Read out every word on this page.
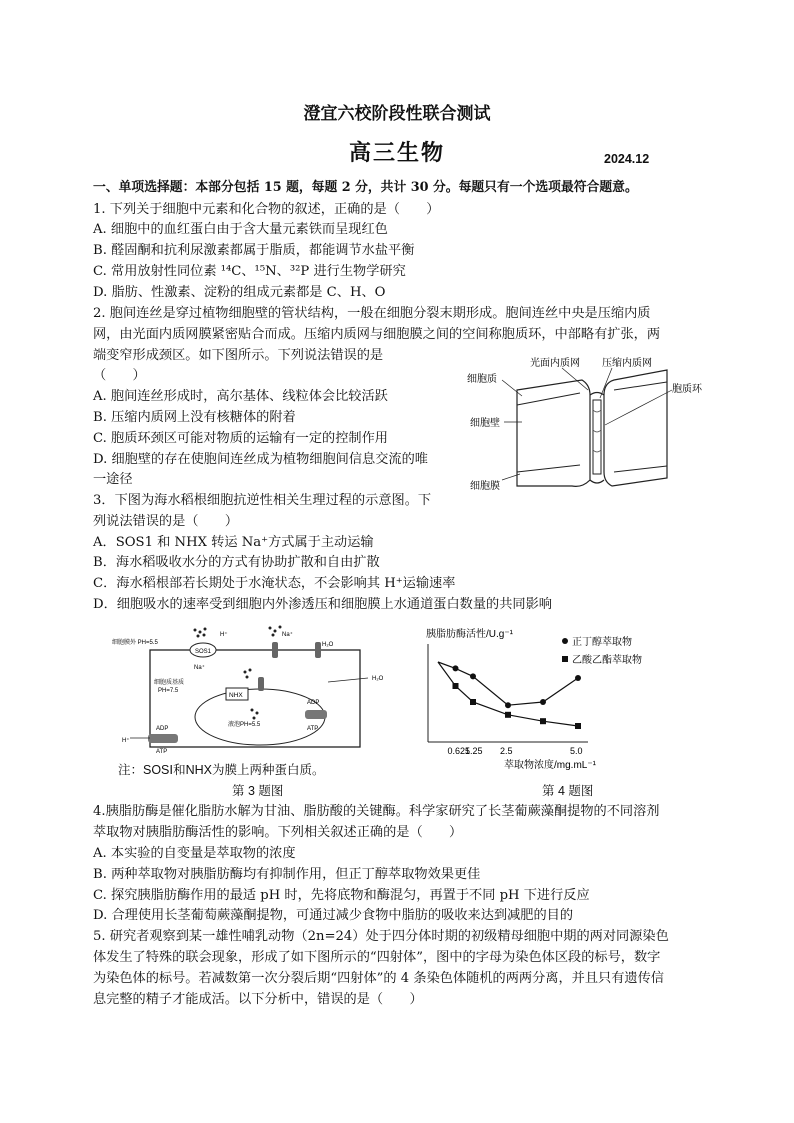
澄宜六校阶段性联合测试
高三生物	2024.12
一、单项选择题：本部分包括 15 题，每题 2 分，共计 30 分。每题只有一个选项最符合题意。
1. 下列关于细胞中元素和化合物的叙述，正确的是（　　）
A. 细胞中的血红蛋白由于含大量元素铁而呈现红色
B. 醛固酮和抗利尿激素都属于脂质，都能调节水盐平衡
C. 常用放射性同位素 ¹⁴C、¹⁵N、³²P 进行生物学研究
D. 脂肪、性激素、淀粉的组成元素都是 C、H、O
2. 胞间连丝是穿过植物细胞壁的管状结构，一般在细胞分裂末期形成。胞间连丝中央是压缩内质
网，由光面内质网膜紧密贴合而成。压缩内质网与细胞膜之间的空间称胞质环，中部略有扩张，两
端变窄形成颈区。如下图所示。下列说法错误的是
（　　）
A. 胞间连丝形成时，高尔基体、线粒体会比较活跃
B. 压缩内质网上没有核糖体的附着
C. 胞质环颈区可能对物质的运输有一定的控制作用
D. 细胞壁的存在使胞间连丝成为植物细胞间信息交流的唯
一途径
光面内质网 压缩内质网
细胞质
胞质环
细胞壁
细胞膜
3．下图为海水稻根细胞抗逆性相关生理过程的示意图。下
列说法错误的是（　　）
A．SOS1 和 NHX 转运 Na⁺方式属于主动运输
B．海水稻吸收水分的方式有协助扩散和自由扩散
C．海水稻根部若长期处于水淹状态，不会影响其 H⁺运输速率
D．细胞吸水的速率受到细胞内外渗透压和细胞膜上水通道蛋白数量的共同影响
SOS1
NHX
细胞膜外 PH=5.5
细胞质基质
PH=7.5
液泡PH=5.5
H₂O
H₂O
ADP
ATP
ADP
ATP
H⁺
H⁺
Na⁺
Na⁺
注：SOSⅠ和NHX为膜上两种蛋白质。
第 3 题图
胰脂肪酶活性/U.g⁻¹
萃取物浓度/mg.mL⁻¹
0.625
1.25 2.5	5.0
正丁醇萃取物
乙酸乙酯萃取物
第 4 题图
4.胰脂肪酶是催化脂肪水解为甘油、脂肪酸的关键酶。科学家研究了长茎葡蕨藻酮提物的不同溶剂
萃取物对胰脂肪酶活性的影响。下列相关叙述正确的是（　　）
A. 本实验的自变量是萃取物的浓度
B. 两种萃取物对胰脂肪酶均有抑制作用，但正丁醇萃取物效果更佳
C. 探究胰脂肪酶作用的最适 pH 时，先将底物和酶混匀，再置于不同 pH 下进行反应
D. 合理使用长茎葡萄蕨藻酮提物，可通过减少食物中脂肪的吸收来达到减肥的目的
5. 研究者观察到某一雄性哺乳动物（2n=24）处于四分体时期的初级精母细胞中期的两对同源染色
体发生了特殊的联会现象，形成了如下图所示的“四射体”，图中的字母为染色体区段的标号，数字
为染色体的标号。若减数第一次分裂后期“四射体”的 4 条染色体随机的两两分离，并且只有遗传信
息完整的精子才能成活。以下分析中，错误的是（　　）
